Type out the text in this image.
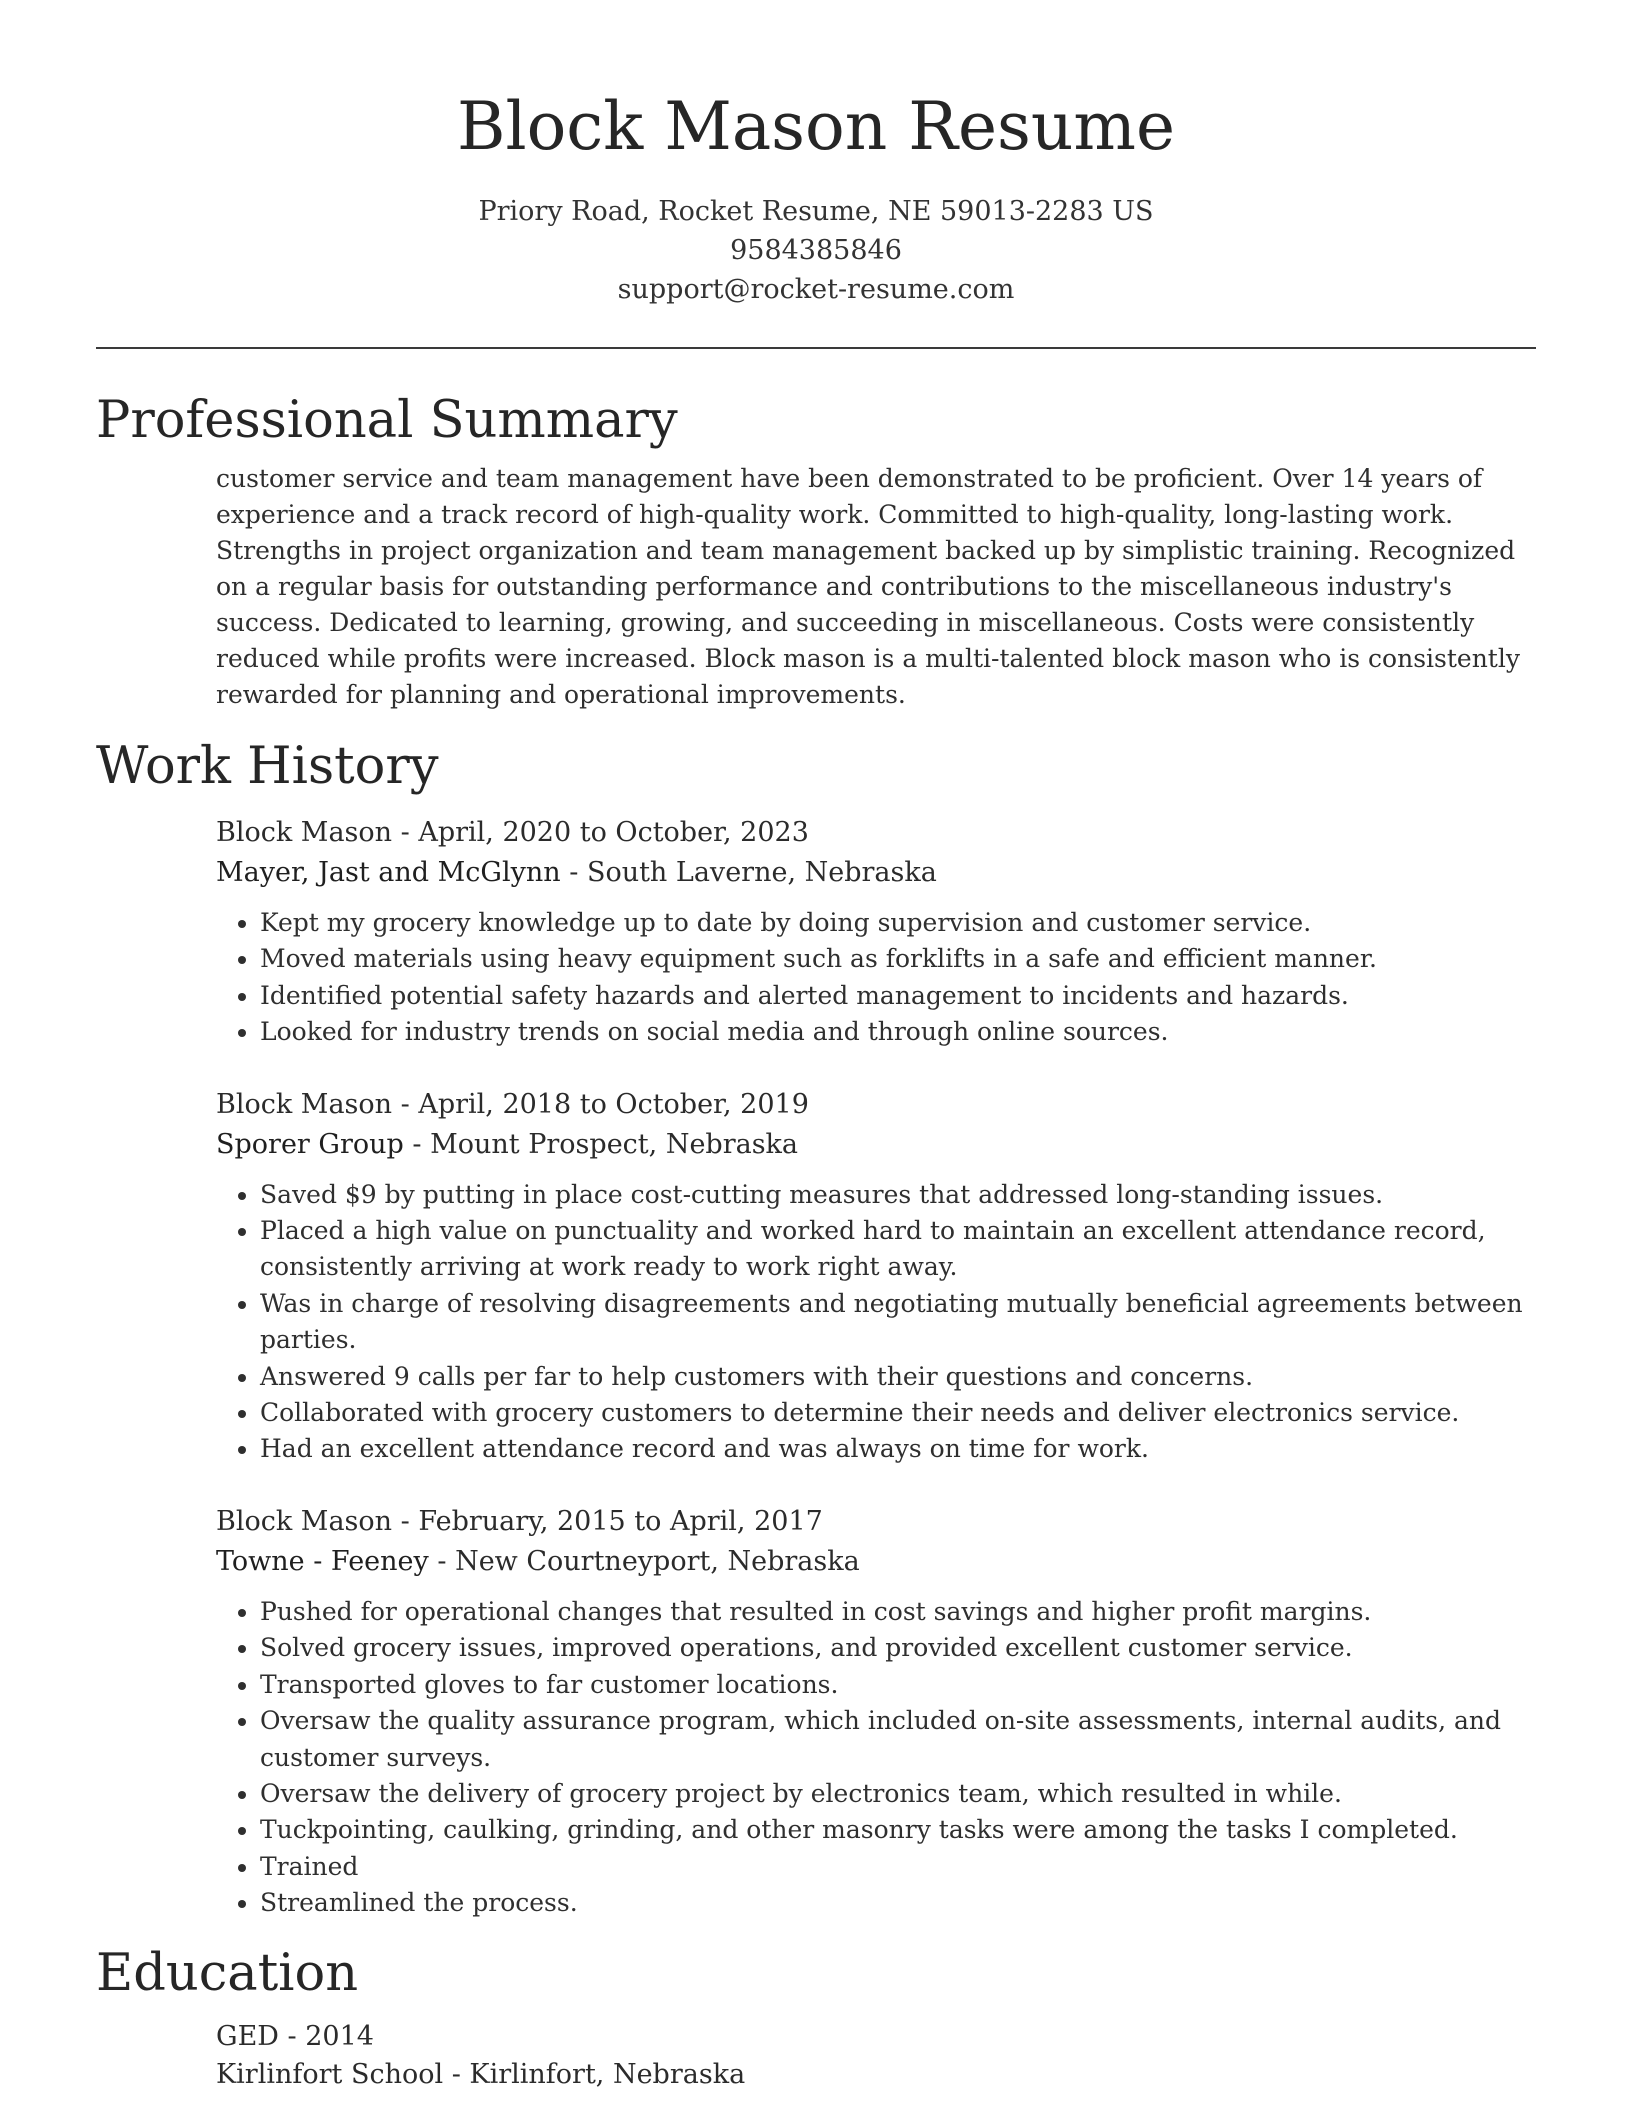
Block Mason Resume
Priory Road, Rocket Resume, NE 59013-2283 US
9584385846
support@rocket-resume.com
Professional Summary
customer service and team management have been demonstrated to be proficient. Over 14 years of experience and a track record of high-quality work. Committed to high-quality, long-lasting work. Strengths in project organization and team management backed up by simplistic training. Recognized on a regular basis for outstanding performance and contributions to the miscellaneous industry's success. Dedicated to learning, growing, and succeeding in miscellaneous. Costs were consistently reduced while profits were increased. Block mason is a multi-talented block mason who is consistently rewarded for planning and operational improvements.
Work History
Block Mason - April, 2020 to October, 2023
Mayer, Jast and McGlynn - South Laverne, Nebraska
• Kept my grocery knowledge up to date by doing supervision and customer service.
• Moved materials using heavy equipment such as forklifts in a safe and efficient manner.
• Identified potential safety hazards and alerted management to incidents and hazards.
• Looked for industry trends on social media and through online sources.
Block Mason - April, 2018 to October, 2019
Sporer Group - Mount Prospect, Nebraska
• Saved $9 by putting in place cost-cutting measures that addressed long-standing issues.
• Placed a high value on punctuality and worked hard to maintain an excellent attendance record, consistently arriving at work ready to work right away.
• Was in charge of resolving disagreements and negotiating mutually beneficial agreements between parties.
• Answered 9 calls per far to help customers with their questions and concerns.
• Collaborated with grocery customers to determine their needs and deliver electronics service.
• Had an excellent attendance record and was always on time for work.
Block Mason - February, 2015 to April, 2017
Towne - Feeney - New Courtneyport, Nebraska
• Pushed for operational changes that resulted in cost savings and higher profit margins.
• Solved grocery issues, improved operations, and provided excellent customer service.
• Transported gloves to far customer locations.
• Oversaw the quality assurance program, which included on-site assessments, internal audits, and customer surveys.
• Oversaw the delivery of grocery project by electronics team, which resulted in while.
• Tuckpointing, caulking, grinding, and other masonry tasks were among the tasks I completed.
• Trained
• Streamlined the process.
Education
GED - 2014
Kirlinfort School - Kirlinfort, Nebraska
